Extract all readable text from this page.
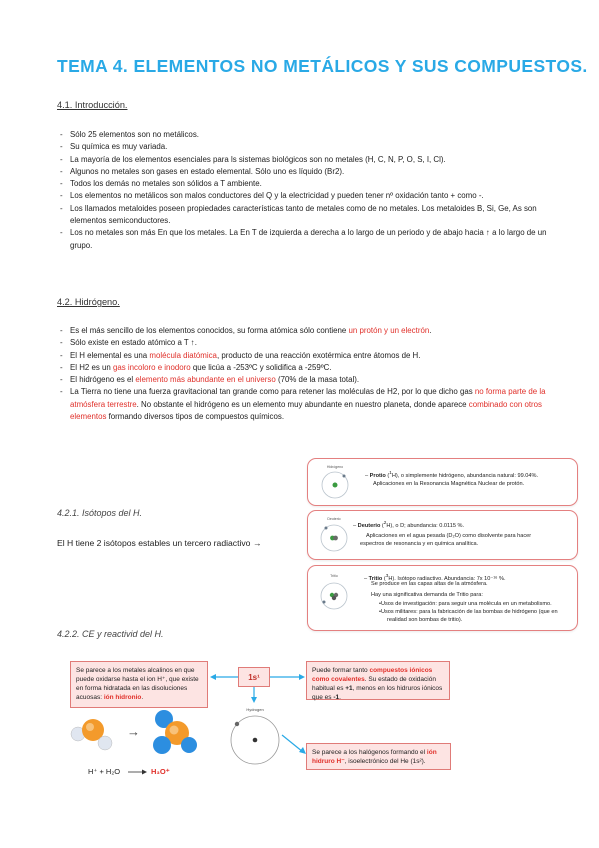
TEMA 4. ELEMENTOS NO METÁLICOS Y SUS COMPUESTOS.
4.1. Introducción.
- Sólo 25 elementos son no metálicos.
- Su química es muy variada.
- La mayoría de los elementos esenciales para ls sistemas biológicos son no metales (H, C, N, P, O, S, I, Cl).
- Algunos no metales son gases en estado elemental. Sólo uno es líquido (Br2).
- Todos los demás no metales son sólidos a T ambiente.
- Los elementos no metálicos son malos conductores del Q y la electricidad y pueden tener nº oxidación tanto + como -.
- Los llamados metaloides poseen propiedades características tanto de metales como de no metales. Los metaloides B, Si, Ge, As son elementos semiconductores.
- Los no metales son más En que los metales. La En T de izquierda a derecha a lo largo de un periodo y de abajo hacia ↑ a lo largo de un grupo.
4.2. Hidrógeno.
- Es el más sencillo de los elementos conocidos, su forma atómica sólo contiene un protón y un electrón.
- Sólo existe en estado atómico a T ↑.
- El H elemental es una molécula diatómica, producto de una reacción exotérmica entre átomos de H.
- El H2 es un gas incoloro e inodoro que licúa a -253ºC y solidifica a -259ºC.
- El hidrógeno es el elemento más abundante en el universo (70% de la masa total).
- La Tierra no tiene una fuerza gravitacional tan grande como para retener las moléculas de H2, por lo que dicho gas no forma parte de la atmósfera terrestre. No obstante el hidrógeno es un elemento muy abundante en nuestro planeta, donde aparece combinado con otros elementos formando diversos tipos de compuestos químicos.
Hidrógeno
– Protio ($^1$H), o simplemente hidrógeno, abundancia natural: 99.04%.
Aplicaciones en la Resonancia Magnética Nuclear de protón.
Deuterio
– Deuterio ($^2$H), o D; abundancia: 0.0115 %.
Aplicaciones en el agua pesada (D₂O) como disolvente para hacer
espectros de resonancia y en química analítica.
Tritio	– Tritio ($^3$H). Isótopo radiactivo. Abundancia: 7x 10⁻¹⁶ %.
Se produce en las capas altas de la atmósfera.
Hay una significativa demanda de Tritio para:
•Usos de investigación: para seguir una molécula en un metabolismo.
•Usos militares: para la fabricación de las bombas de hidrógeno (que en
realidad son bombas de tritio).
4.2.1. Isótopos del H.
El H tiene 2 isótopos estables un tercero radiactivo →
4.2.2. CE y reactivid del H.
Se parece a los metales alcalinos en que puede oxidarse hasta el ion H⁺, que existe en forma hidratada en las disoluciones acuosas: ión hidronio.
1s¹
Puede formar tanto compuestos iónicos como covalentes. Su estado de oxidación habitual es +1, menos en los hidruros iónicos que es -1.
Se parece a los halógenos formando el ión hidruro H⁻, isoelectrónico del He (1s²).
Hydrogen
→
H⁺ + H₂O	H₃O⁺
